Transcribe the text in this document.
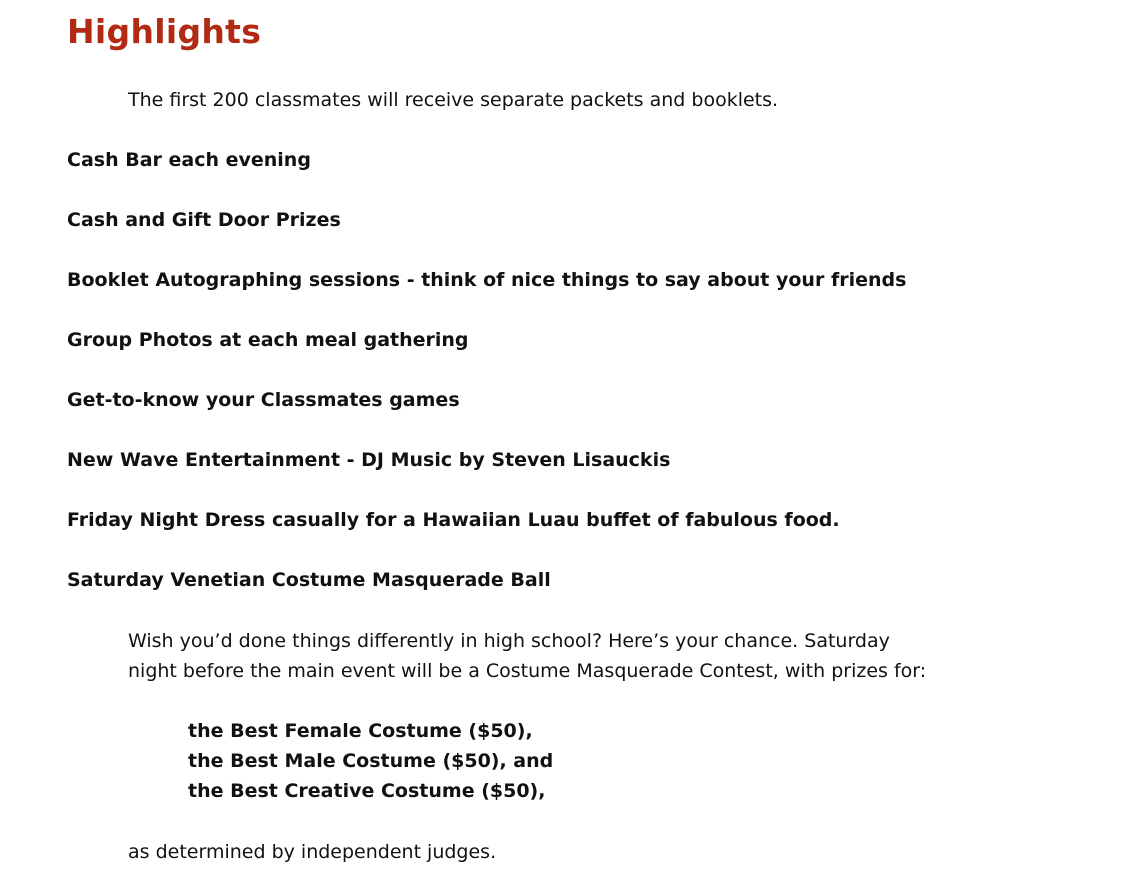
Highlights

The first 200 classmates will receive separate packets and booklets.

Cash Bar each evening
Cash and Gift Door Prizes
Booklet Autographing sessions - think of nice things to say about your friends
Group Photos at each meal gathering
Get-to-know your Classmates games
New Wave Entertainment - DJ Music by Steven Lisauckis
Friday Night Dress casually for a Hawaiian Luau buffet of fabulous food.
Saturday Venetian Costume Masquerade Ball

Wish you’d done things differently in high school? Here’s your chance. Saturday
night before the main event will be a Costume Masquerade Contest, with prizes for:

the Best Female Costume ($50),
the Best Male Costume ($50), and
the Best Creative Costume ($50),

as determined by independent judges.
